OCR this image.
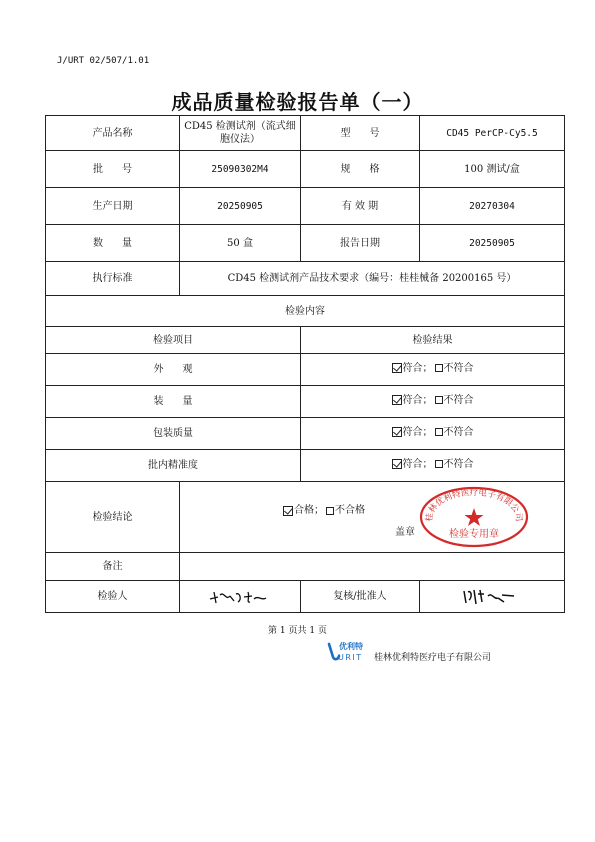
J/URT 02/507/1.01
成品质量检验报告单（一）
产品名称	CD45 检测试剂（流式细胞仪法）	型      号	CD45 PerCP-Cy5.5
批      号	25090302M4	规      格	100 测试/盒
生产日期	20250905	有 效 期	20270304
数      量	50 盒	报告日期	20250905
执行标准	CD45 检测试剂产品技术要求（编号：桂桂械备 20200165 号）		
检验内容			
检验项目		检验结果	
外      观		符合； 不符合	

装      量		符合； 不符合	

包装质量		符合； 不符合	

批内精准度		符合； 不符合	

检验结论	合格； 不合格
盖章
桂林优利特医疗电子有限公司
检验专用章		

备注			
检验人		复核/批准人	
第 1 页共 1 页
优利特
URIT 桂林优利特医疗电子有限公司
